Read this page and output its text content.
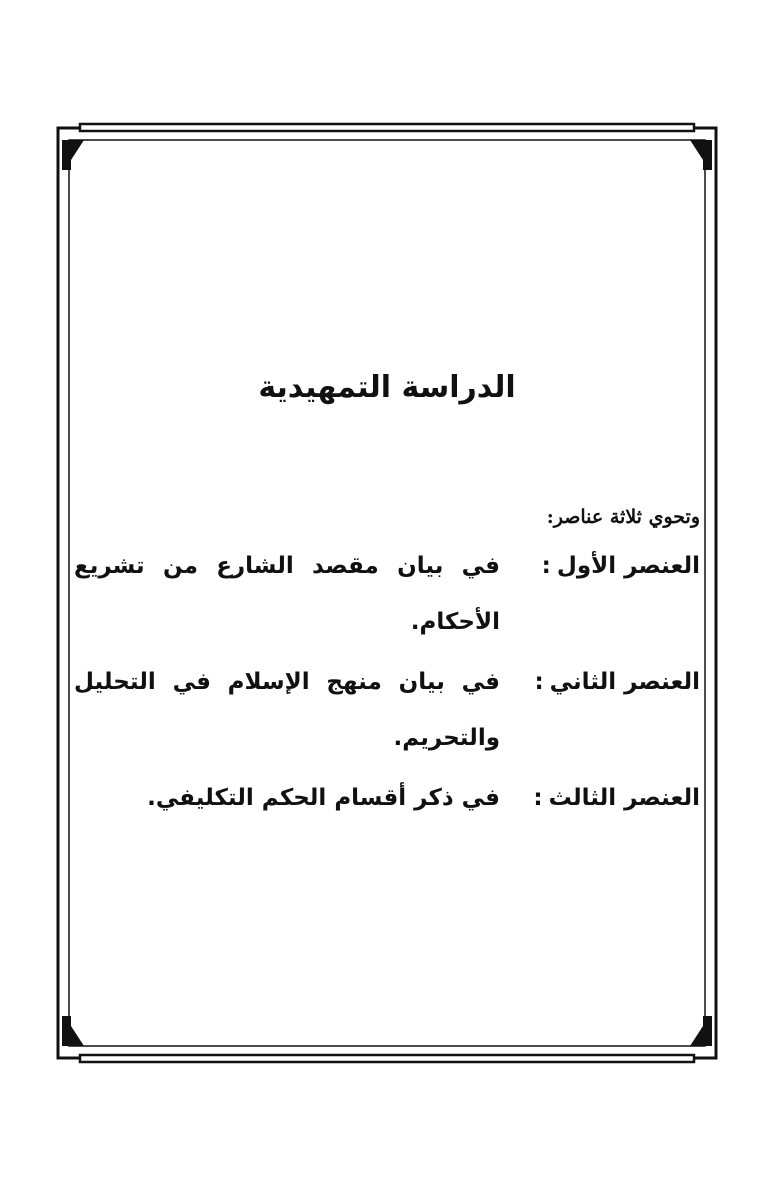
الدراسة التمهيدية
وتحوي ثلاثة عناصر:
العنصر الأول:
في بيان مقصد الشارع من تشريع الأحكام.
العنصر الثاني:
في بيان منهج الإسلام في التحليل والتحريم.
العنصر الثالث:
في ذكر أقسام الحكم التكليفي.
